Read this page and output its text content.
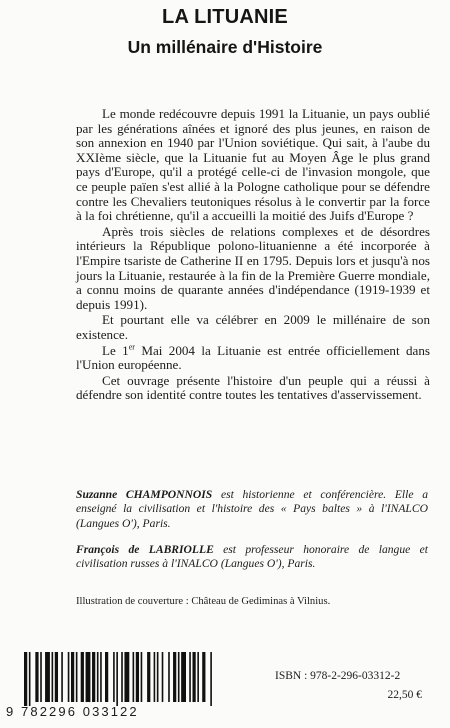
LA LITUANIE
Un millénaire d'Histoire

Le monde redécouvre depuis 1991 la Lituanie, un pays oublié par les générations aînées et ignoré des plus jeunes, en raison de son annexion en 1940 par l'Union soviétique. Qui sait, à l'aube du XXIème siècle, que la Lituanie fut au Moyen Âge le plus grand pays d'Europe, qu'il a protégé celle-ci de l'invasion mongole, que ce peuple païen s'est allié à la Pologne catholique pour se défendre contre les Chevaliers teutoniques résolus à le convertir par la force à la foi chrétienne, qu'il a accueilli la moitié des Juifs d'Europe ?

Après trois siècles de relations complexes et de désordres intérieurs la République polono-lituanienne a été incorporée à l'Empire tsariste de Catherine II en 1795. Depuis lors et jusqu'à nos jours la Lituanie, restaurée à la fin de la Première Guerre mondiale, a connu moins de quarante années d'indépendance (1919-1939 et depuis 1991).

Et pourtant elle va célébrer en 2009 le millénaire de son existence.

Le 1er Mai 2004 la Lituanie est entrée officiellement dans l'Union européenne.

Cet ouvrage présente l'histoire d'un peuple qui a réussi à défendre son identité contre toutes les tentatives d'asservissement.

Suzanne CHAMPONNOIS est historienne et conférencière. Elle a enseigné la civilisation et l'histoire des « Pays baltes » à l'INALCO (Langues O'), Paris.

François de LABRIOLLE est professeur honoraire de langue et civilisation russes à l'INALCO (Langues O'), Paris.

Illustration de couverture : Château de Gediminas à Vilnius.
9 782296 033122
ISBN : 978-2-296-03312-2
22,50 €
